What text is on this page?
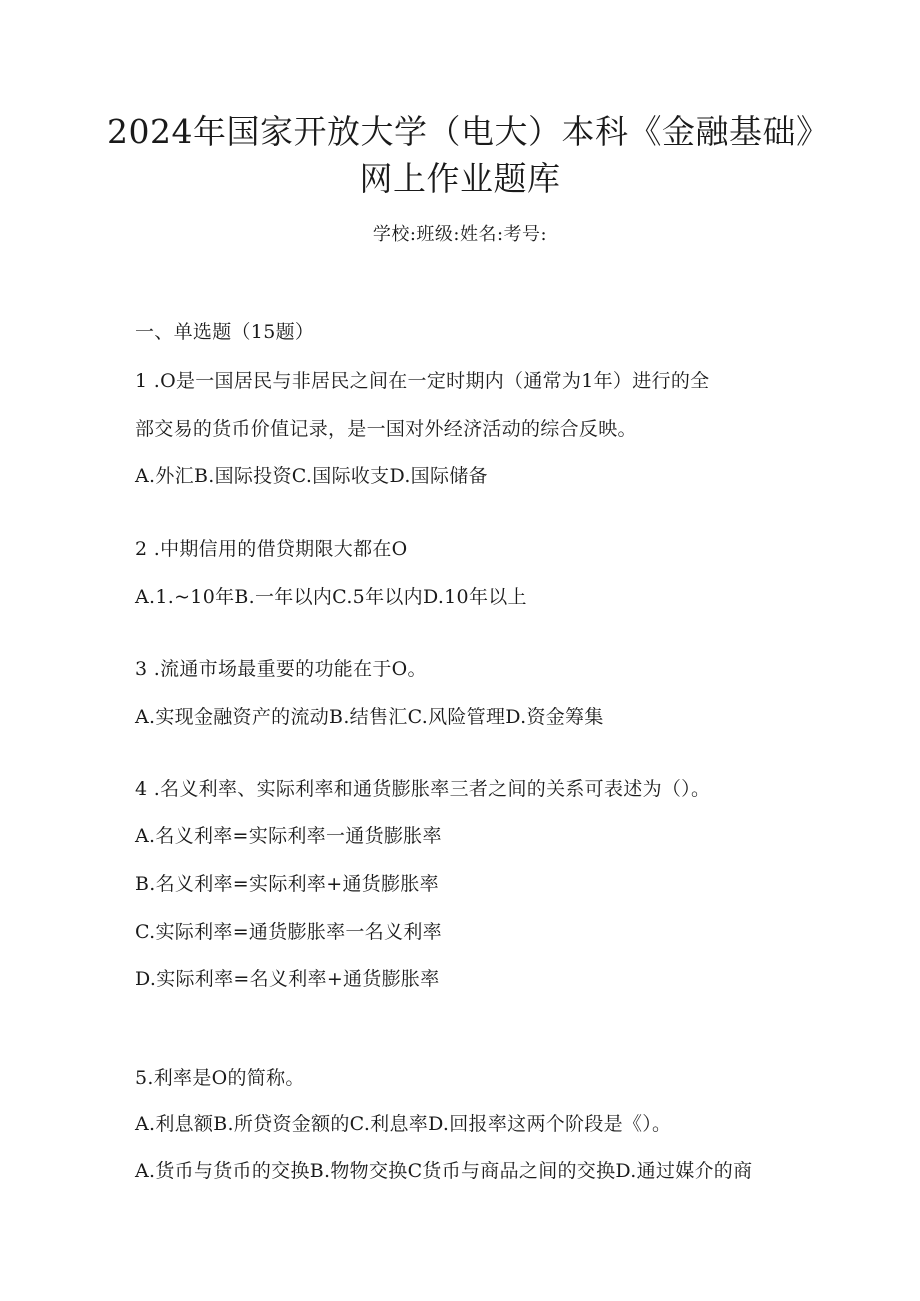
2024年国家开放大学（电大）本科《金融基础》网上作业题库
学校:班级:姓名:考号:
一、单选题（15题）
1 .O是一国居民与非居民之间在一定时期内（通常为1年）进行的全
部交易的货币价值记录，是一国对外经济活动的综合反映。
A.外汇B.国际投资C.国际收支D.国际储备
2 .中期信用的借贷期限大都在O
A.1.~10年B.一年以内C.5年以内D.10年以上
3 .流通市场最重要的功能在于O。
A.实现金融资产的流动B.结售汇C.风险管理D.资金筹集
4 .名义利率、实际利率和通货膨胀率三者之间的关系可表述为（）。
A.名义利率=实际利率一通货膨胀率
B.名义利率=实际利率+通货膨胀率
C.实际利率=通货膨胀率一名义利率
D.实际利率=名义利率+通货膨胀率
5.利率是O的简称。
A.利息额B.所贷资金额的C.利息率D.回报率这两个阶段是《）。
A.货币与货币的交换B.物物交换C货币与商品之间的交换D.通过媒介的商
